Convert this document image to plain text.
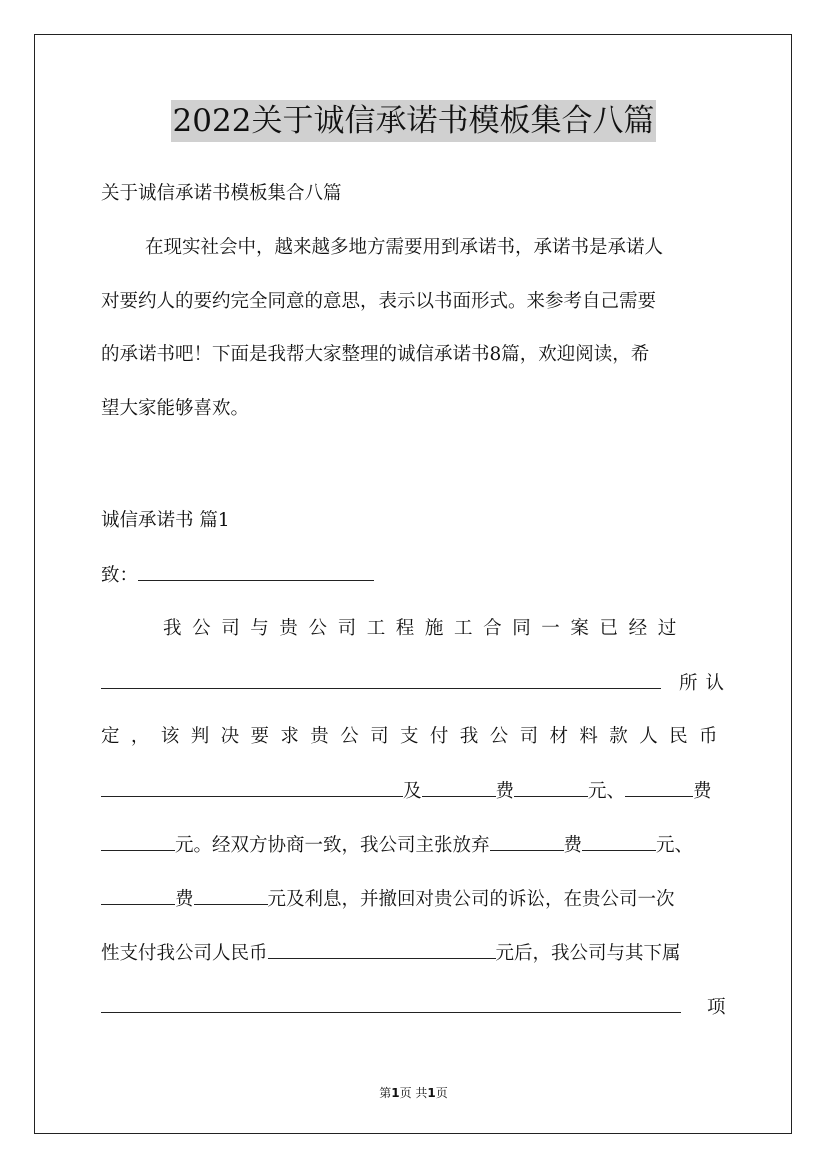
2022关于诚信承诺书模板集合八篇
关于诚信承诺书模板集合八篇
在现实社会中，越来越多地方需要用到承诺书，承诺书是承诺人
对要约人的要约完全同意的意思，表示以书面形式。来参考自己需要
的承诺书吧！下面是我帮大家整理的诚信承诺书8篇，欢迎阅读，希
望大家能够喜欢。
诚信承诺书 篇1
致：
我公司与贵公司工程施工合同一案已经过
所认
定，该判决要求贵公司支付我公司材料款人民币
及	费	元、	费
元。经双方协商一致，我公司主张放弃	费	元、
费	元及利息，并撤回对贵公司的诉讼，在贵公司一次
性支付我公司人民币	元后，我公司与其下属
项
第1页 共1页
